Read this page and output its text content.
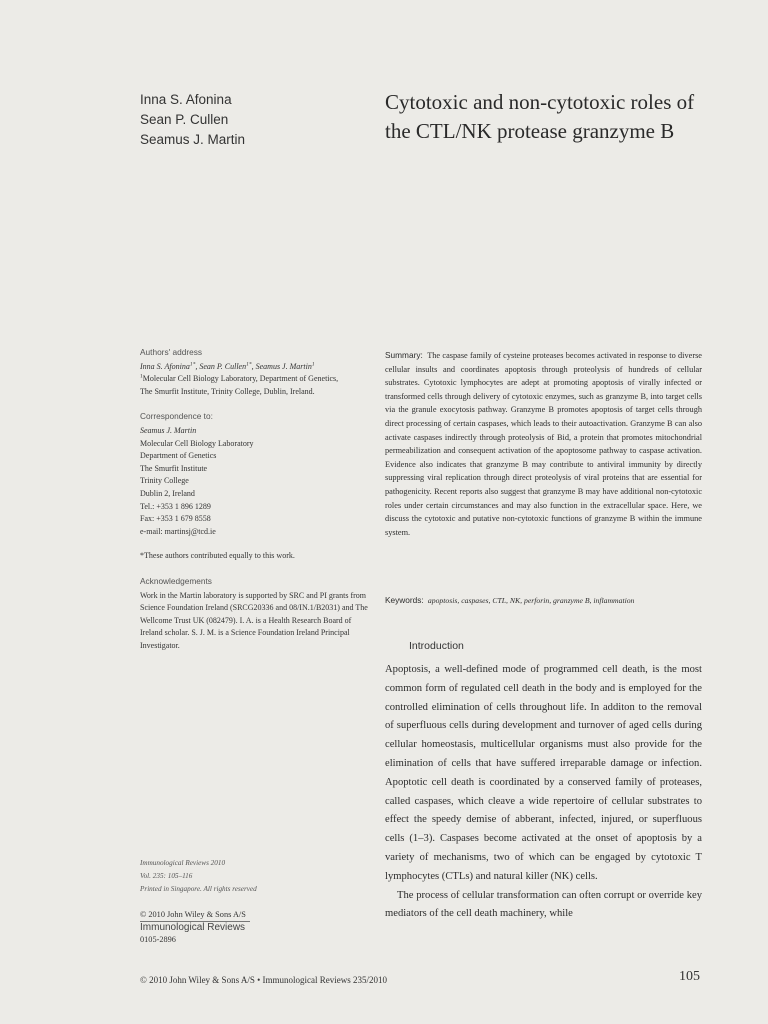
Inna S. Afonina
Sean P. Cullen
Seamus J. Martin
Cytotoxic and non-cytotoxic roles of the CTL/NK protease granzyme B
Authors' address
Inna S. Afonina$^{1*}$, Sean P. Cullen$^{1*}$, Seamus J. Martin$^1$
$^1$Molecular Cell Biology Laboratory, Department of Genetics,
The Smurfit Institute, Trinity College, Dublin, Ireland.
Correspondence to:
Seamus J. Martin
Molecular Cell Biology Laboratory
Department of Genetics
The Smurfit Institute
Trinity College
Dublin 2, Ireland
Tel.: +353 1 896 1289
Fax: +353 1 679 8558
e-mail: martinsj@tcd.ie
*These authors contributed equally to this work.
Acknowledgements
Work in the Martin laboratory is supported by SRC and PI grants from Science Foundation Ireland (SRCG20336 and 08/IN.1/B2031) and The Wellcome Trust UK (082479). I. A. is a Health Research Board of Ireland scholar. S. J. M. is a Science Foundation Ireland Principal Investigator.

Summary: The caspase family of cysteine proteases becomes activated in response to diverse cellular insults and coordinates apoptosis through proteolysis of hundreds of cellular substrates. Cytotoxic lymphocytes are adept at promoting apoptosis of virally infected or transformed cells through delivery of cytotoxic enzymes, such as granzyme B, into target cells via the granule exocytosis pathway. Granzyme B promotes apoptosis of target cells through direct processing of certain caspases, which leads to their autoactivation. Granzyme B can also activate caspases indirectly through proteolysis of Bid, a protein that promotes mitochondrial permeabilization and consequent activation of the apoptosome pathway to caspase activation. Evidence also indicates that granzyme B may contribute to antiviral immunity by directly suppressing viral replication through direct proteolysis of viral proteins that are essential for pathogenicity. Recent reports also suggest that granzyme B may have additional non-cytotoxic roles under certain circumstances and may also function in the extracellular space. Here, we discuss the cytotoxic and putative non-cytotoxic functions of granzyme B within the immune system.

Keywords: apoptosis, caspases, CTL, NK, perforin, granzyme B, inflammation
Introduction

Apoptosis, a well-defined mode of programmed cell death, is the most common form of regulated cell death in the body and is employed for the controlled elimination of cells throughout life. In additon to the removal of superfluous cells during development and turnover of aged cells during cellular homeostasis, multicellular organisms must also provide for the elimination of cells that have suffered irreparable damage or infection. Apoptotic cell death is coordinated by a conserved family of proteases, called caspases, which cleave a wide repertoire of cellular substrates to effect the speedy demise of abberant, infected, injured, or superfluous cells (1–3). Caspases become activated at the onset of apoptosis by a variety of mechanisms, two of which can be engaged by cytotoxic T lymphocytes (CTLs) and natural killer (NK) cells.

The process of cellular transformation can often corrupt or override key mediators of the cell death machinery, while

Immunological Reviews 2010
Vol. 235: 105–116
Printed in Singapore. All rights reserved
© 2010 John Wiley & Sons A/S
Immunological Reviews
0105-2896
© 2010 John Wiley & Sons A/S • Immunological Reviews 235/2010	105
